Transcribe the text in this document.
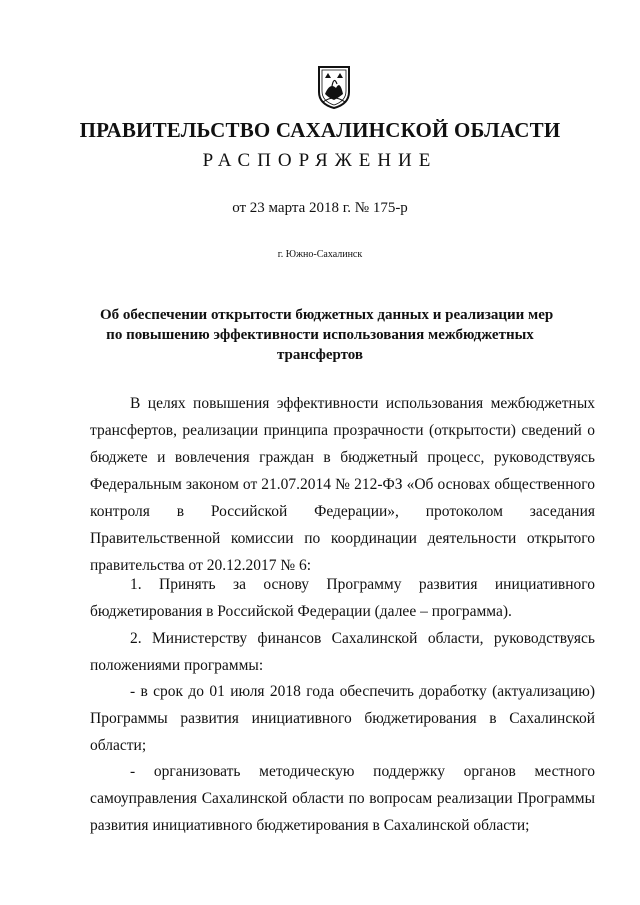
ПРАВИТЕЛЬСТВО САХАЛИНСКОЙ ОБЛАСТИ
РАСПОРЯЖЕНИЕ
от 23 марта 2018 г. № 175-р
г. Южно-Сахалинск
Об обеспечении открытости бюджетных данных и реализации мер
по повышению эффективности использования межбюджетных
трансфертов
В целях повышения эффективности использования межбюджетных
трансфертов, реализации принципа прозрачности (открытости) сведений о
бюджете и вовлечения граждан в бюджетный процесс, руководствуясь
Федеральным законом от 21.07.2014 № 212-ФЗ «Об основах общественного
контроля в Российской Федерации», протоколом заседания
Правительственной комиссии по координации деятельности открытого
правительства от 20.12.2017 № 6:
1. Принять за основу Программу развития инициативного
бюджетирования в Российской Федерации (далее – программа).
2. Министерству финансов Сахалинской области, руководствуясь
положениями программы:
- в срок до 01 июля 2018 года обеспечить доработку (актуализацию)
Программы развития инициативного бюджетирования в Сахалинской
области;
- организовать методическую поддержку органов местного
самоуправления Сахалинской области по вопросам реализации Программы
развития инициативного бюджетирования в Сахалинской области;
